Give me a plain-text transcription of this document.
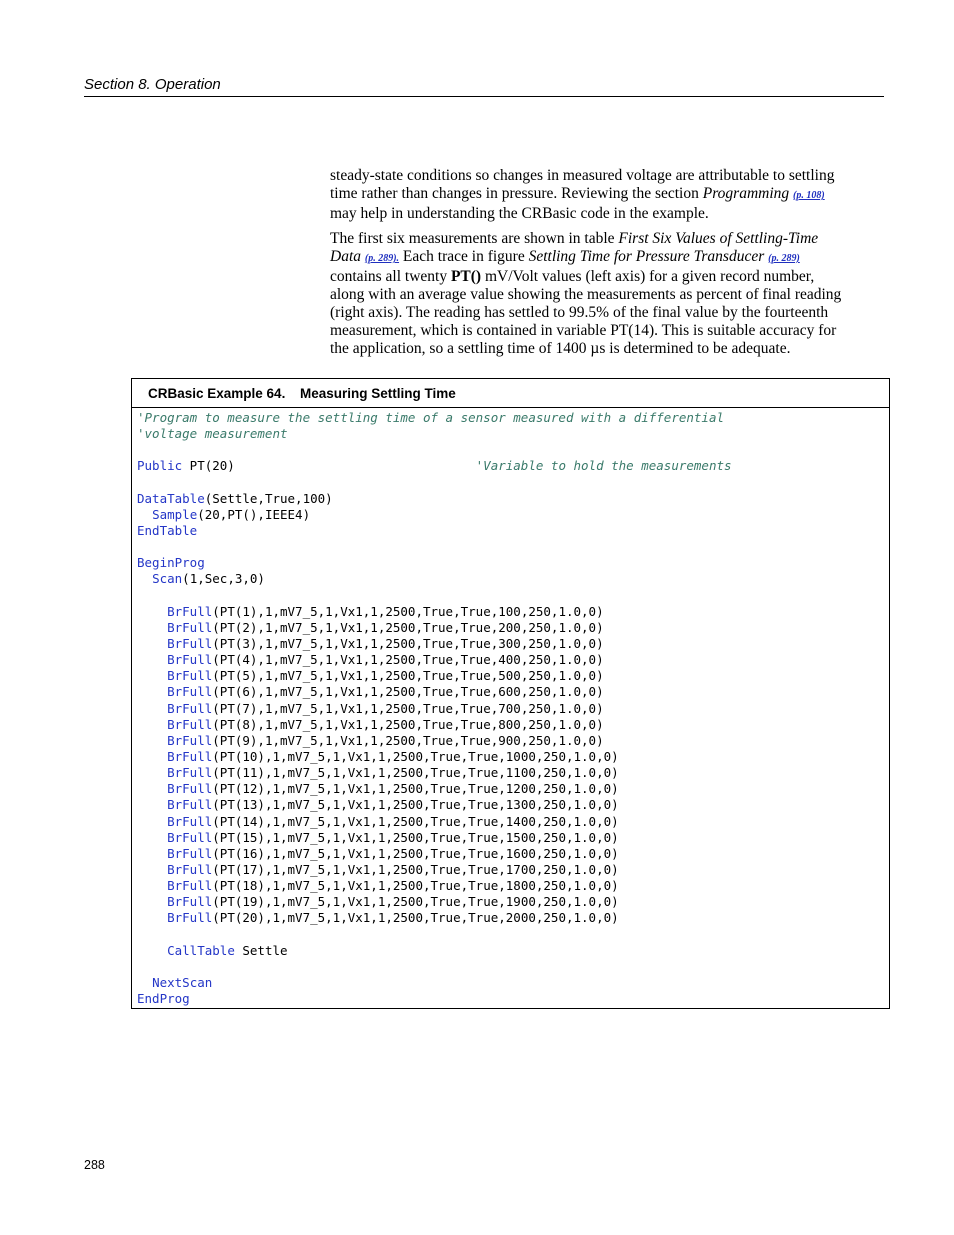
Section 8. Operation

steady-state conditions so changes in measured voltage are attributable to settling time rather than changes in pressure. Reviewing the section Programming (p. 108) may help in understanding the CRBasic code in the example.

The first six measurements are shown in table First Six Values of Settling-Time Data (p. 289). Each trace in figure Settling Time for Pressure Transducer (p. 289) contains all twenty PT() mV/Volt values (left axis) for a given record number, along with an average value showing the measurements as percent of final reading (right axis). The reading has settled to 99.5% of the final value by the fourteenth measurement, which is contained in variable PT(14). This is suitable accuracy for the application, so a settling time of 1400 µs is determined to be adequate.

CRBasic Example 64. Measuring Settling Time
'Program to measure the settling time of a sensor measured with a differential
'voltage measurement
Public PT(20)                                'Variable to hold the measurements
DataTable(Settle,True,100)
Sample(20,PT(),IEEE4)
EndTable
BeginProg
Scan(1,Sec,3,0)
BrFull(PT(1),1,mV7_5,1,Vx1,1,2500,True,True,100,250,1.0,0)
BrFull(PT(2),1,mV7_5,1,Vx1,1,2500,True,True,200,250,1.0,0)
BrFull(PT(3),1,mV7_5,1,Vx1,1,2500,True,True,300,250,1.0,0)
BrFull(PT(4),1,mV7_5,1,Vx1,1,2500,True,True,400,250,1.0,0)
BrFull(PT(5),1,mV7_5,1,Vx1,1,2500,True,True,500,250,1.0,0)
BrFull(PT(6),1,mV7_5,1,Vx1,1,2500,True,True,600,250,1.0,0)
BrFull(PT(7),1,mV7_5,1,Vx1,1,2500,True,True,700,250,1.0,0)
BrFull(PT(8),1,mV7_5,1,Vx1,1,2500,True,True,800,250,1.0,0)
BrFull(PT(9),1,mV7_5,1,Vx1,1,2500,True,True,900,250,1.0,0)
BrFull(PT(10),1,mV7_5,1,Vx1,1,2500,True,True,1000,250,1.0,0)
BrFull(PT(11),1,mV7_5,1,Vx1,1,2500,True,True,1100,250,1.0,0)
BrFull(PT(12),1,mV7_5,1,Vx1,1,2500,True,True,1200,250,1.0,0)
BrFull(PT(13),1,mV7_5,1,Vx1,1,2500,True,True,1300,250,1.0,0)
BrFull(PT(14),1,mV7_5,1,Vx1,1,2500,True,True,1400,250,1.0,0)
BrFull(PT(15),1,mV7_5,1,Vx1,1,2500,True,True,1500,250,1.0,0)
BrFull(PT(16),1,mV7_5,1,Vx1,1,2500,True,True,1600,250,1.0,0)
BrFull(PT(17),1,mV7_5,1,Vx1,1,2500,True,True,1700,250,1.0,0)
BrFull(PT(18),1,mV7_5,1,Vx1,1,2500,True,True,1800,250,1.0,0)
BrFull(PT(19),1,mV7_5,1,Vx1,1,2500,True,True,1900,250,1.0,0)
BrFull(PT(20),1,mV7_5,1,Vx1,1,2500,True,True,2000,250,1.0,0)
CallTable Settle
NextScan
EndProg
288
